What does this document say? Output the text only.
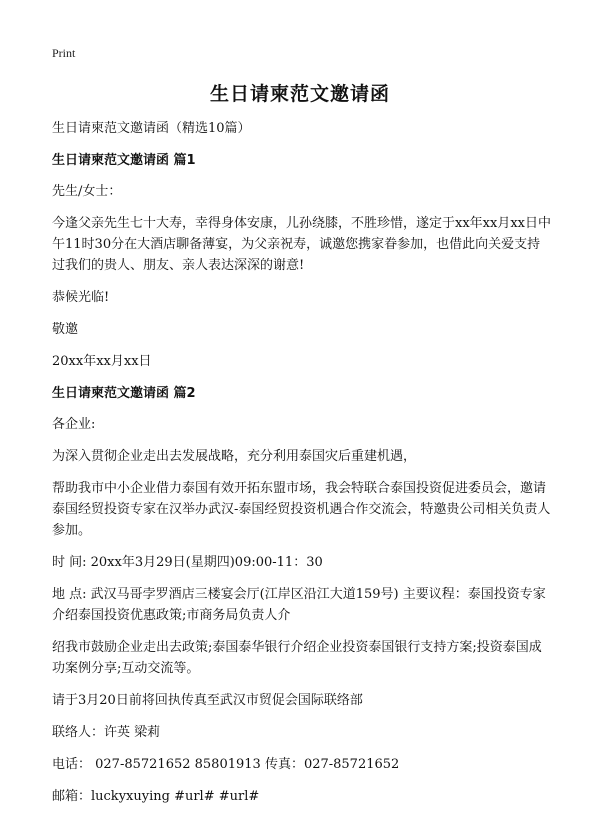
Print
生日请柬范文邀请函

生日请柬范文邀请函（精选10篇）

生日请柬范文邀请函 篇1

先生/女士：

今逢父亲先生七十大寿，幸得身体安康，儿孙绕膝，不胜珍惜，遂定于xx年xx月xx日中午11时30分在大酒店聊备薄宴，为父亲祝寿，诚邀您携家眷参加，也借此向关爱支持过我们的贵人、朋友、亲人表达深深的谢意!

恭候光临!

敬邀

20xx年xx月xx日

生日请柬范文邀请函 篇2

各企业:

为深入贯彻企业走出去发展战略，充分利用泰国灾后重建机遇，

帮助我市中小企业借力泰国有效开拓东盟市场，我会特联合泰国投资促进委员会，邀请泰国经贸投资专家在汉举办武汉-泰国经贸投资机遇合作交流会，特邀贵公司相关负责人参加。

时 间: 20xx年3月29日(星期四)09:00-11：30

地 点: 武汉马哥孛罗酒店三楼宴会厅(江岸区沿江大道159号) 主要议程：泰国投资专家介绍泰国投资优惠政策;市商务局负责人介

绍我市鼓励企业走出去政策;泰国泰华银行介绍企业投资泰国银行支持方案;投资泰国成功案例分享;互动交流等。

请于3月20日前将回执传真至武汉市贸促会国际联络部

联络人：许英 梁莉

电话： 027-85721652 85801913 传真：027-85721652

邮箱：luckyxuying #url# #url#
